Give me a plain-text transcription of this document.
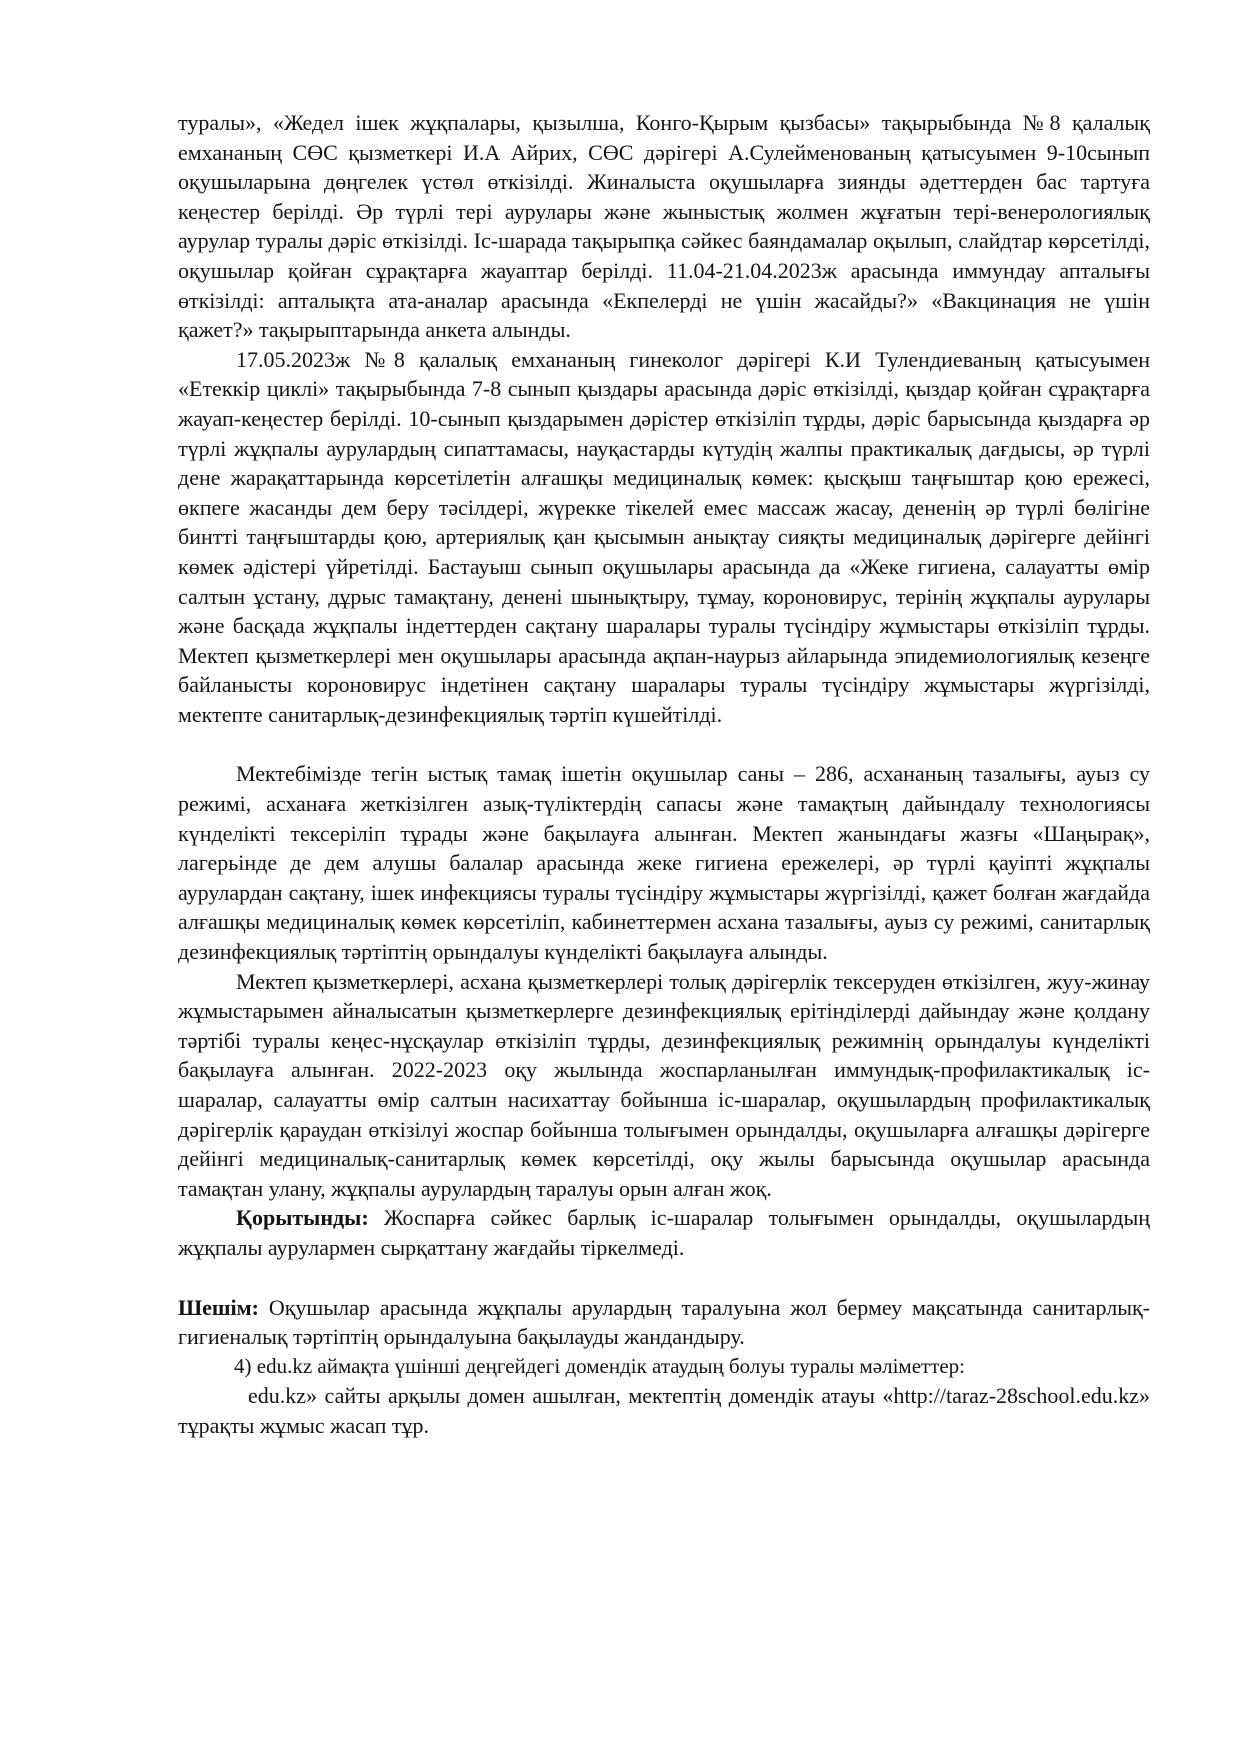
туралы», «Жедел ішек жұқпалары, қызылша, Конго-Қырым қызбасы» тақырыбында №8 қалалық емхананың СӨС қызметкері И.А Айрих, СӨС дәрігері А.Сулейменованың қатысуымен 9-10сынып оқушыларына дөңгелек үстөл өткізілді. Жиналыста оқушыларға зиянды әдеттерден бас тартуға кеңестер берілді. Әр түрлі тері аурулары және жыныстық жолмен жұғатын тері-венерологиялық аурулар туралы дәріс өткізілді. Іс-шарада тақырыпқа сәйкес баяндамалар оқылып, слайдтар көрсетілді, оқушылар қойған сұрақтарға жауаптар берілді. 11.04-21.04.2023ж арасында иммундау апталығы өткізілді: апталықта ата-аналар арасында «Екпелерді не үшін жасайды?» «Вакцинация не үшін қажет?» тақырыптарында анкета алынды.

17.05.2023ж №8 қалалық емхананың гинеколог дәрігері К.И Тулендиеваның қатысуымен «Етеккір циклі» тақырыбында 7-8 сынып қыздары арасында дәріс өткізілді, қыздар қойған сұрақтарға жауап-кеңестер берілді. 10-сынып қыздарымен дәрістер өткізіліп тұрды, дәріс барысында қыздарға әр түрлі жұқпалы аурулардың сипаттамасы, науқастарды күтудің жалпы практикалық дағдысы, әр түрлі дене жарақаттарында көрсетілетін алғашқы медициналық көмек: қысқыш таңғыштар қою ережесі, өкпеге жасанды дем беру тәсілдері, жүрекке тікелей емес массаж жасау, дененің әр түрлі бөлігіне бинтті таңғыштарды қою, артериялық қан қысымын анықтау сияқты медициналық дәрігерге дейінгі көмек әдістері үйретілді. Бастауыш сынып оқушылары арасында да «Жеке гигиена, салауатты өмір салтын ұстану, дұрыс тамақтану, денені шынықтыру, тұмау, короновирус, терінің жұқпалы аурулары және басқада жұқпалы індеттерден сақтану шаралары туралы түсіндіру жұмыстары өткізіліп тұрды. Мектеп қызметкерлері мен оқушылары арасында ақпан-наурыз айларында эпидемиологиялық кезеңге байланысты короновирус індетінен сақтану шаралары туралы түсіндіру жұмыстары жүргізілді, мектепте санитарлық-дезинфекциялық тәртіп күшейтілді.

Мектебімізде тегін ыстық тамақ ішетін оқушылар саны – 286, асхананың тазалығы, ауыз су режимі, асханаға жеткізілген азық-түліктердің сапасы және тамақтың дайындалу технологиясы күнделікті тексеріліп тұрады және бақылауға алынған. Мектеп жанындағы жазғы «Шаңырақ», лагерьінде де дем алушы балалар арасында жеке гигиена ережелері, әр түрлі қауіпті жұқпалы аурулардан сақтану, ішек инфекциясы туралы түсіндіру жұмыстары жүргізілді, қажет болған жағдайда алғашқы медициналық көмек көрсетіліп, кабинеттермен асхана тазалығы, ауыз су режимі, санитарлық дезинфекциялық тәртіптің орындалуы күнделікті бақылауға алынды.

Мектеп қызметкерлері, асхана қызметкерлері толық дәрігерлік тексеруден өткізілген, жуу-жинау жұмыстарымен айналысатын қызметкерлерге дезинфекциялық ерітінділерді дайындау және қолдану тәртібі туралы кеңес-нұсқаулар өткізіліп тұрды, дезинфекциялық режимнің орындалуы күнделікті бақылауға алынған. 2022-2023 оқу жылында жоспарланылған иммундық-профилактикалық іс-шаралар, салауатты өмір салтын насихаттау бойынша іс-шаралар, оқушылардың профилактикалық дәрігерлік қараудан өткізілуі жоспар бойынша толығымен орындалды, оқушыларға алғашқы дәрігерге дейінгі медициналық-санитарлық көмек көрсетілді, оқу жылы барысында оқушылар арасында тамақтан улану, жұқпалы аурулардың таралуы орын алған жоқ.

Қорытынды: Жоспарға сәйкес барлық іс-шаралар толығымен орындалды, оқушылардың жұқпалы аурулармен сырқаттану жағдайы тіркелмеді.

Шешім: Оқушылар арасында жұқпалы арулардың таралуына жол бермеу мақсатында санитарлық-гигиеналық тәртіптің орындалуына бақылауды жандандыру.

4) edu.kz аймақта үшінші деңгейдегі домендік атаудың болуы туралы мәліметтер:

edu.kz» сайты арқылы домен ашылған, мектептің домендік атауы «http://taraz-28school.edu.kz» тұрақты жұмыс жасап тұр.
